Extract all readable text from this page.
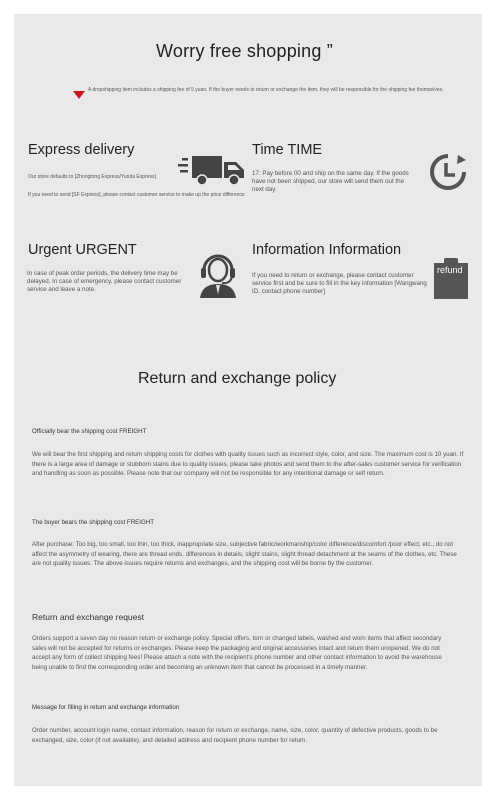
Worry free shopping ”
A dropshipping item includes a shipping fee of 5 yuan. If the buyer needs to return or exchange the item, they will be responsible for the shipping fee themselves.
Express delivery
Our store defaults to [Zhongtong Express/Yunda Express]
If you need to send [SF Express], please contact customer service to make up the price difference
Time TIME
17: Pay before 00 and ship on the same day. If the goods have not been shipped, our store will send them out the next day.
Urgent URGENT
In case of peak order periods, the delivery time may be delayed. In case of emergency, please contact customer service and leave a note.
Information Information
If you need to return or exchange, please contact customer service first and be sure to fill in the key information [Wangwang ID, contact phone number]
refund
Return and exchange policy
Officially bear the shipping cost FREIGHT
We will bear the first shipping and return shipping costs for clothes with quality issues such as incorrect style, color, and size. The maximum cost is 10 yuan. If there is a large area of damage or stubborn stains due to quality issues, please take photos and send them to the after-sales customer service for verification and handling as soon as possible. Please note that our company will not be responsible for any intentional damage or self return.
The buyer bears the shipping cost FREIGHT
After purchase: Too big, too small, too thin, too thick, inappropriate size, subjective fabric/workmanship/color difference/discomfort /poor effect, etc., do not affect the asymmetry of wearing, there are thread ends, differences in details, slight stains, slight thread detachment at the seams of the clothes, etc. These are not quality issues. The above issues require returns and exchanges, and the shipping cost will be borne by the customer.
Return and exchange request
Orders support a seven day no reason return or exchange policy. Special offers, torn or changed labels, washed and worn items that affect secondary sales will not be accepted for returns or exchanges. Please keep the packaging and original accessories intact and return them unopened. We do not accept any form of collect shipping fees! Please attach a note with the recipient's phone number and other contact information to avoid the warehouse being unable to find the corresponding order and becoming an unknown item that cannot be processed in a timely manner.
Message for filling in return and exchange information
Order number, account login name, contact information, reason for return or exchange, name, size, color, quantity of defective products, goods to be exchanged, size, color (if not available), and detailed address and recipient phone number for return.
